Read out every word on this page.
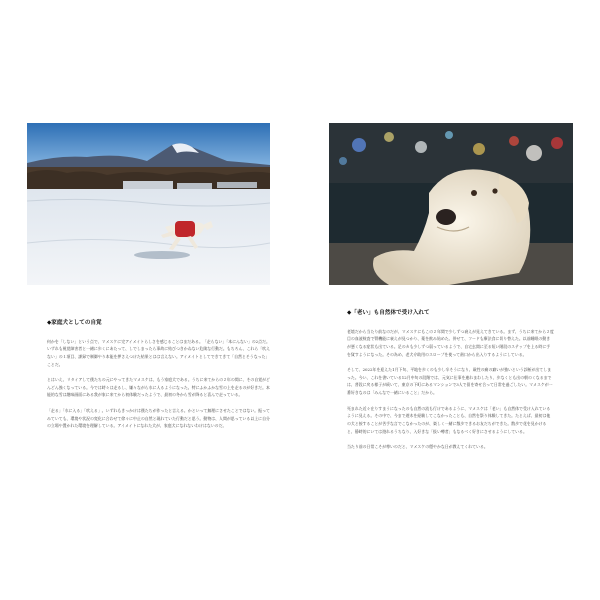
◆家庭犬としての自覚

何かを「しない」という点で、マメスケに完アイメイトらしさを感じることはまだある。「走らない」「本にんない」の2点だ。いずれも視覚障害者と一緒に歩くにあたって、しでしまったら事故に結びつきかねない危険な行動だ。もちろん、これら「吠えない」の１項目、課録で制御やり本能を押さえつけた結果とはは言えない。アイメイトとしてできてきて「自然とそうなった」ことだ。

とはいえ、リタイアして僕たちの元にやってきたマメスケは、もう家庭犬である。うちに来てからの２年の間に、その自覚がどんどん強くなっている。今では時々は走るし、嫌々ながら水に人るようになった。特にふかふかな雪の上を走るのが好きだ。本能的な雪は趣味画面にある我が家に来てから初体験だったようで、最初の冬から雪が降ると喜んで走っている。

「走る」「水に入る」「吠える」。いずれもきっかけは僕たちが作ったと言える。かといって無理にさせたことではない。振ってみていても、環境や状況の変化に合わせて徐々に中止の自然と現れていた行動だと思う。動物は、人間が思っている以上に自分の立場や置かれた環境を理解している。アイメイトになれた犬が、家庭犬になれないわけはないのだ。

◆「老い」も自然体で受け入れて

老境だから当たり前なのだが、マメスケにもこの２年間で少しずつ衰えが見えてきている。まず、うちに来てから２度目の血液検査で腎機能に衰えが見つかり、薬を飲み始めた。併せて、フードも療法食に切り替えた。以前睡眠の動きが悪くなる症状も出ている。足のカも少しずつ弱っているようで、自宅玄関に至る短い階段のステップを上る時に手を貸すようになった。その為め、老犬介助用のスロープを使って歯口から出入りするようにしている。

そして、2022年を迎えた1月下旬、平地を歩くのも少し辛そうになり、歳性の痛の癖いが強いという診断が出てしまった。今い、これを書いている12月中旬の段階では、元気に仕事を連れまわしたり、歩なくとも出の朝のくなるまでは、普段に戻る様子が続いて、東京の下町にあるマンションで3人で留を寄せ合って日常を過ごしたい。マメスケが一番好きなのは「みんなで一緒にいること」だから。

死まれた近々在りすまうになったのも自然の流も行けであるように、マメスケは「老い」も自然体で受け入れているように見える。その中で、今まで遊木を経験してこなかったことも、自然を祭り体験してきた。たとえば、最初は他の犬と接することが苦手な言でこなかったのが、楽しく一緒に散歩できるお友だちができた。散歩で花を見かけると、静時的にいては遊れるうちなり、入好きな「扱い噂者」もなるべく好きにさせるようにしている。

当たり前の日常こそが尊いのだと、マメスケの穏やかな日が教えてくれている。
